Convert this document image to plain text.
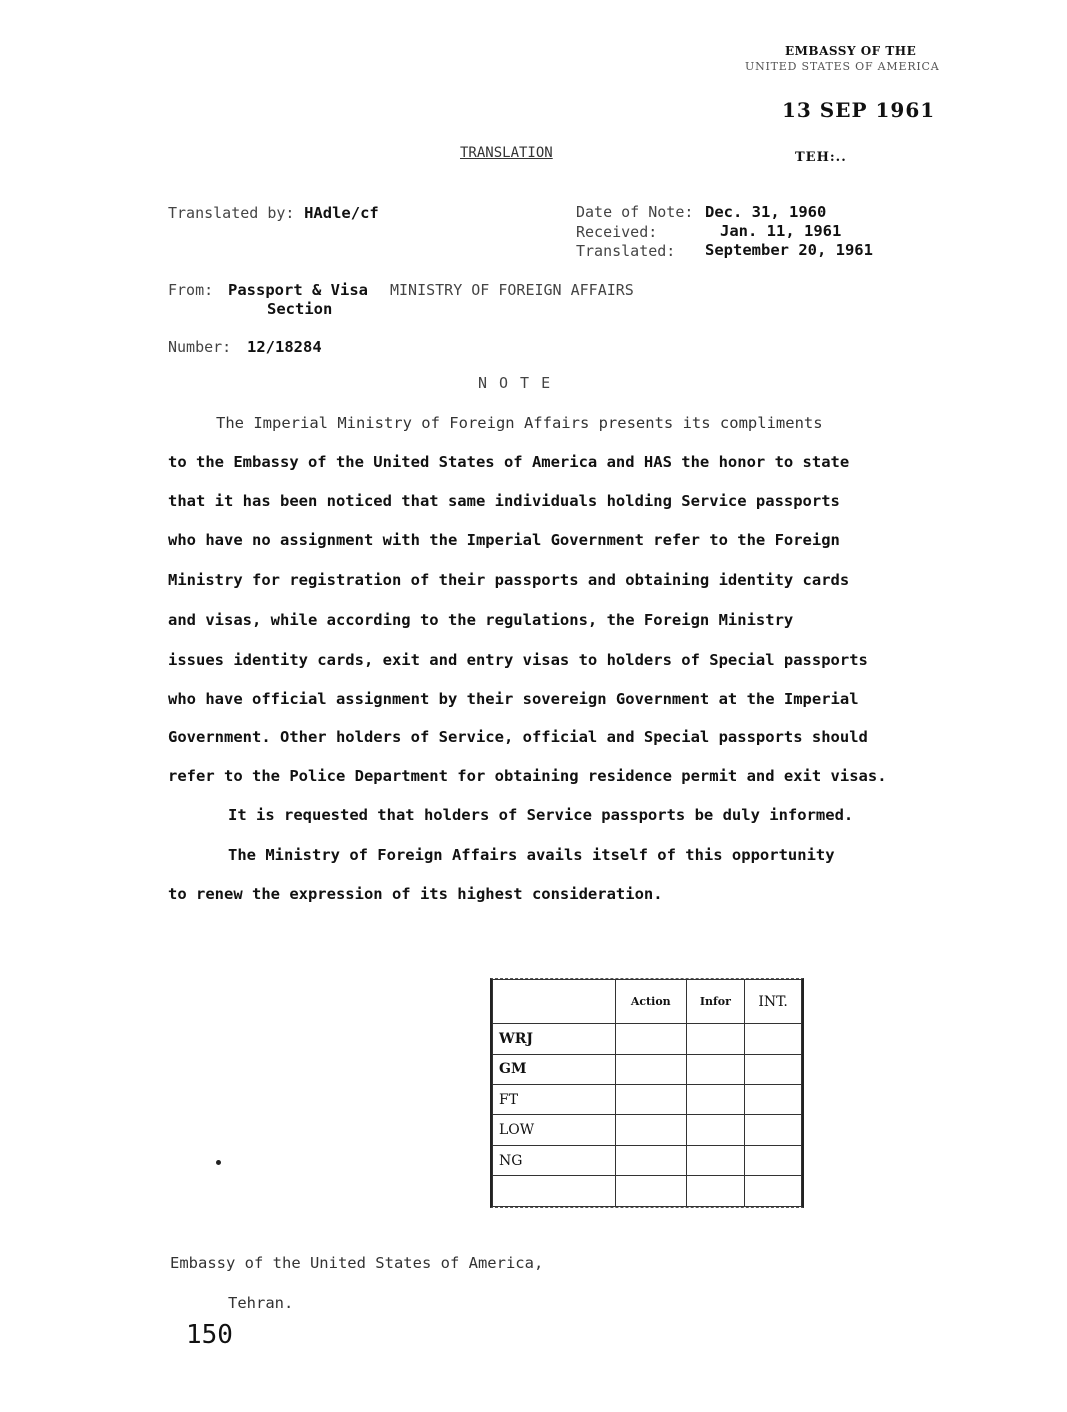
EMBASSY OF THE
UNITED STATES OF AMERICA
13 SEP 1961
TEH:..
TRANSLATION
Translated by: HAdle/cf	Date of Note: Dec. 31, 1960
Received:	Jan. 11, 1961
Translated: September 20, 1961
From: Passport & Visa MINISTRY OF FOREIGN AFFAIRS
Section
Number: 12/18284
NOTE
The Imperial Ministry of Foreign Affairs presents its compliments
to the Embassy of the United States of America and HAS the honor to state
that it has been noticed that same individuals holding Service passports
who have no assignment with the Imperial Government refer to the Foreign
Ministry for registration of their passports and obtaining identity cards
and visas, while according to the regulations, the Foreign Ministry
issues identity cards, exit and entry visas to holders of Special passports
who have official assignment by their sovereign Government at the Imperial
Government. Other holders of Service, official and Special passports should
refer to the Police Department for obtaining residence permit and exit visas.
It is requested that holders of Service passports be duly informed.
The Ministry of Foreign Affairs avails itself of this opportunity
to renew the expression of its highest consideration.
	Action	Infor	INT.
WRJ			
GM			
FT			
LOW			
NG			

Embassy of the United States of America,
Tehran.
150
